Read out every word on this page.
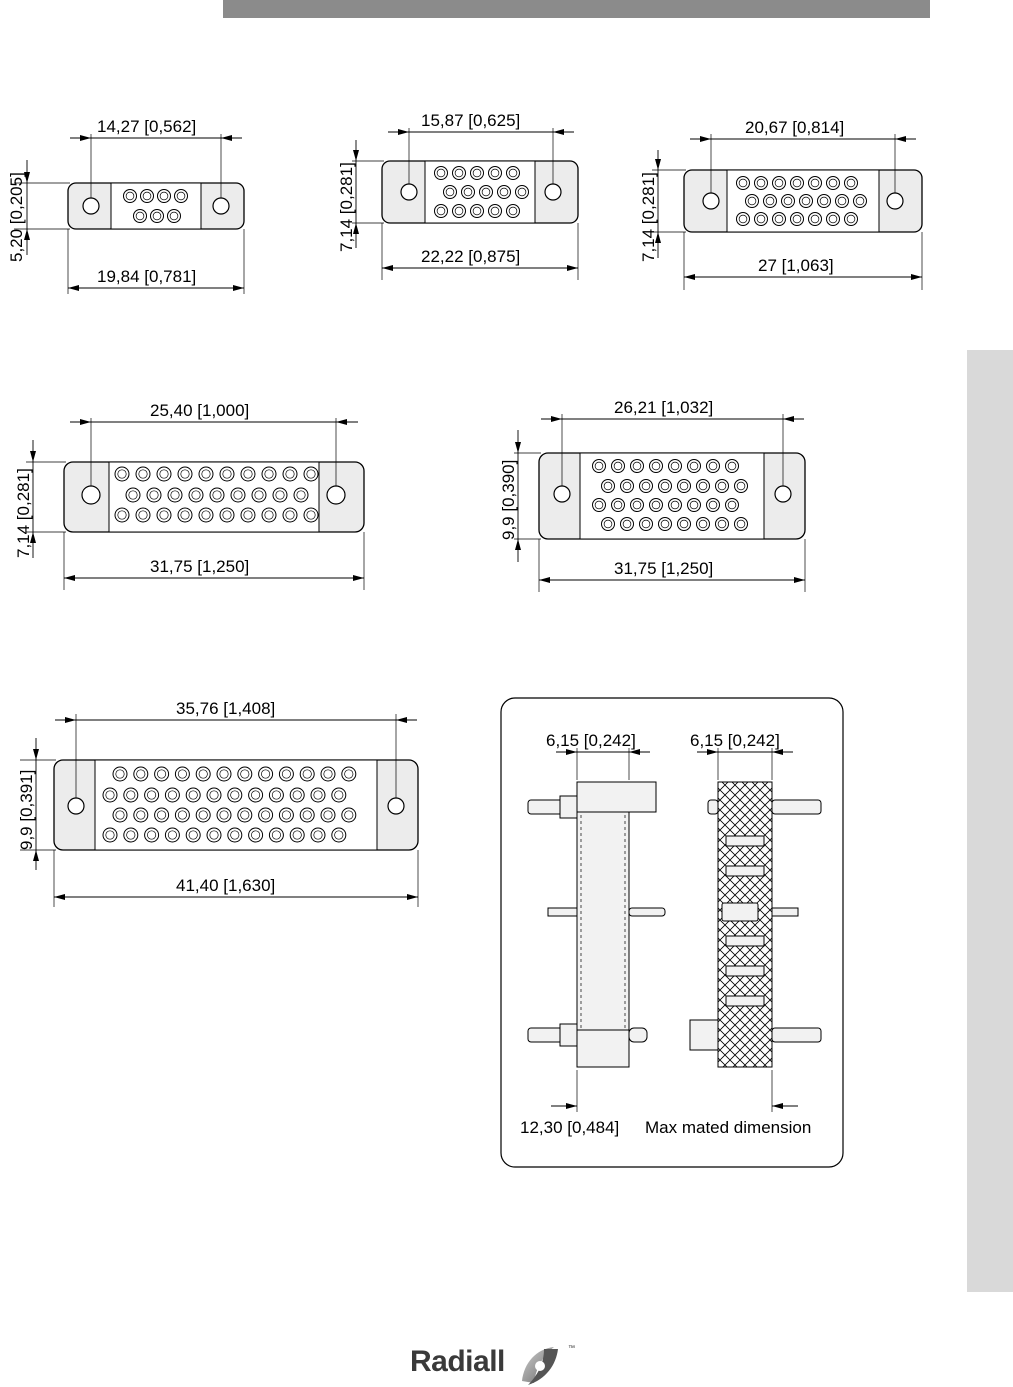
14,27 [0,562]
19,84 [0,781]
5,20 [0,205]
15,87 [0,625]
22,22 [0,875]
7,14 [0,281]
20,67 [0,814]
27 [1,063]
7,14 [0,281]
25,40 [1,000]
31,75 [1,250]
7,14 [0,281]
26,21 [1,032]
31,75 [1,250]
9,9 [0,390]
35,76 [1,408]
41,40 [1,630]
9,9 [0,391]
6,15 [0,242]	6,15 [0,242]
12,30 [0,484] Max mated dimension
Radiall	™
